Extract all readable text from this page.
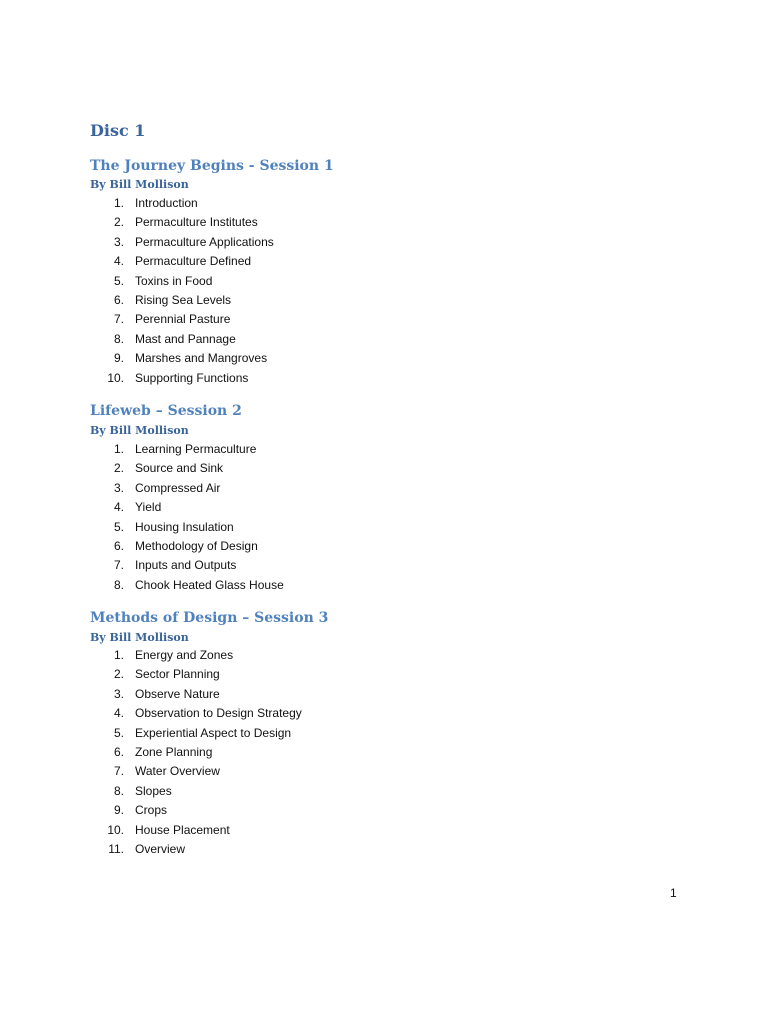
Disc 1
The Journey Begins - Session 1
By Bill Mollison
1. Introduction
2. Permaculture Institutes
3. Permaculture Applications
4. Permaculture Defined
5. Toxins in Food
6. Rising Sea Levels
7. Perennial Pasture
8. Mast and Pannage
9. Marshes and Mangroves
10. Supporting Functions
Lifeweb – Session 2
By Bill Mollison
1. Learning Permaculture
2. Source and Sink
3. Compressed Air
4. Yield
5. Housing Insulation
6. Methodology of Design
7. Inputs and Outputs
8. Chook Heated Glass House
Methods of Design – Session 3
By Bill Mollison
1. Energy and Zones
2. Sector Planning
3. Observe Nature
4. Observation to Design Strategy
5. Experiential Aspect to Design
6. Zone Planning
7. Water Overview
8. Slopes
9. Crops
10. House Placement
11. Overview
1
